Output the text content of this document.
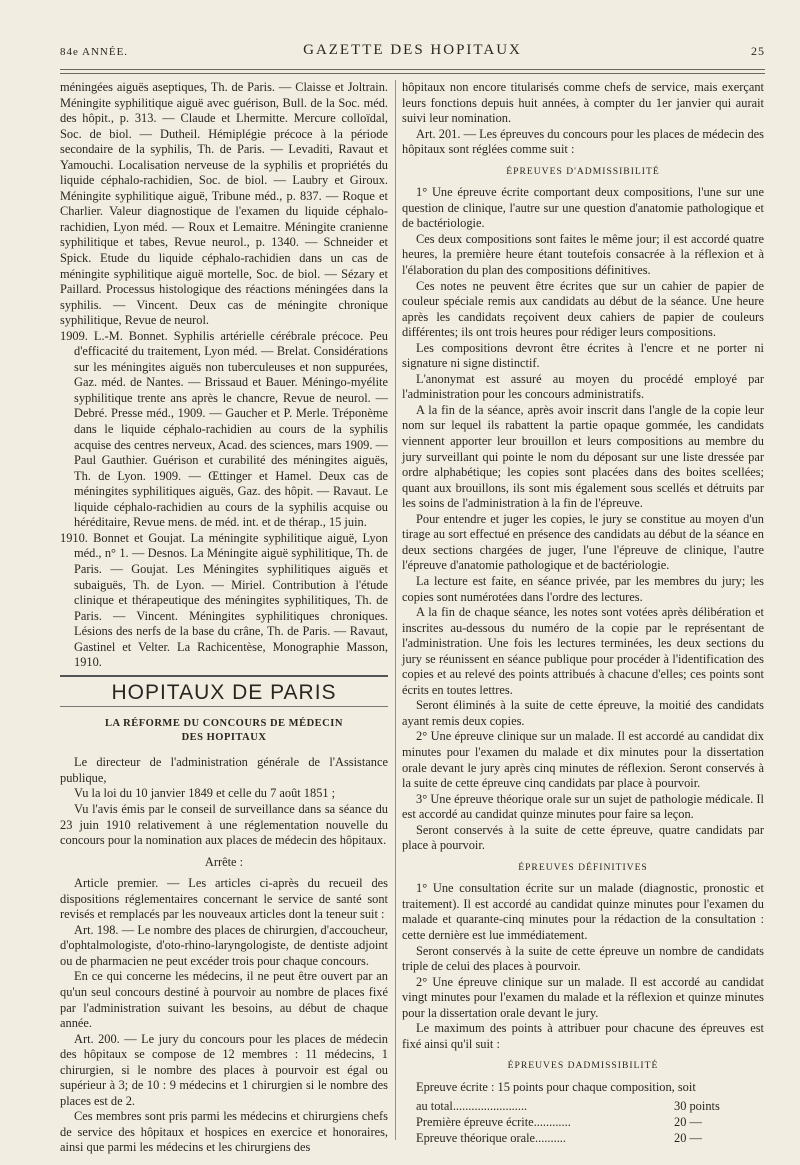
84e ANNÉE.	GAZETTE DES HOPITAUX	25

méningées aiguës aseptiques, Th. de Paris. — Claisse et Joltrain. Méningite syphilitique aiguë avec guérison, Bull. de la Soc. méd. des hôpit., p. 313. — Claude et Lhermitte. Mercure colloïdal, Soc. de biol. — Dutheil. Hémiplégie précoce à la période secondaire de la syphilis, Th. de Paris. — Levaditi, Ravaut et Yamouchi. Localisation nerveuse de la syphilis et propriétés du liquide céphalo-rachidien, Soc. de biol. — Laubry et Giroux. Méningite syphilitique aiguë, Tribune méd., p. 837. — Roque et Charlier. Valeur diagnostique de l'examen du liquide céphalo-rachidien, Lyon méd. — Roux et Lemaitre. Méningite cranienne syphilitique et tabes, Revue neurol., p. 1340. — Schneider et Spick. Etude du liquide céphalo-rachidien dans un cas de méningite syphilitique aiguë mortelle, Soc. de biol. — Sézary et Paillard. Processus histologique des réactions méningées dans la syphilis. — Vincent. Deux cas de méningite chronique syphilitique, Revue de neurol.

1909. L.-M. Bonnet. Syphilis artérielle cérébrale précoce. Peu d'efficacité du traitement, Lyon méd. — Brelat. Considérations sur les méningites aiguës non tuberculeuses et non suppurées, Gaz. méd. de Nantes. — Brissaud et Bauer. Méningo-myélite syphilitique trente ans après le chancre, Revue de neurol. — Debré. Presse méd., 1909. — Gaucher et P. Merle. Tréponème dans le liquide céphalo-rachidien au cours de la syphilis acquise des centres nerveux, Acad. des sciences, mars 1909. — Paul Gauthier. Guérison et curabilité des méningites aiguës, Th. de Lyon. 1909. — Œttinger et Hamel. Deux cas de méningites syphilitiques aiguës, Gaz. des hôpit. — Ravaut. Le liquide céphalo-rachidien au cours de la syphilis acquise ou héréditaire, Revue mens. de méd. int. et de thérap., 15 juin.

1910. Bonnet et Goujat. La méningite syphilitique aiguë, Lyon méd., n° 1. — Desnos. La Méningite aiguë syphilitique, Th. de Paris. — Goujat. Les Méningites syphilitiques aiguës et subaiguës, Th. de Lyon. — Miriel. Contribution à l'étude clinique et thérapeutique des méningites syphilitiques, Th. de Paris. — Vincent. Méningites syphilitiques chroniques. Lésions des nerfs de la base du crâne, Th. de Paris. — Ravaut, Gastinel et Velter. La Rachicentèse, Monographie Masson, 1910.

HOPITAUX DE PARIS
LA RÉFORME DU CONCOURS DE MÉDECIN
DES HOPITAUX

Le directeur de l'administration générale de l'Assistance publique,

Vu la loi du 10 janvier 1849 et celle du 7 août 1851 ;

Vu l'avis émis par le conseil de surveillance dans sa séance du 23 juin 1910 relativement à une réglementation nouvelle du concours pour la nomination aux places de médecin des hôpitaux.

Arrête :

Article premier. — Les articles ci-après du recueil des dispositions réglementaires concernant le service de santé sont revisés et remplacés par les nouveaux articles dont la teneur suit :

Art. 198. — Le nombre des places de chirurgien, d'accoucheur, d'ophtalmologiste, d'oto-rhino-laryngologiste, de dentiste adjoint ou de pharmacien ne peut excéder trois pour chaque concours.

En ce qui concerne les médecins, il ne peut être ouvert par an qu'un seul concours destiné à pourvoir au nombre de places fixé par l'administration suivant les besoins, au début de chaque année.

Art. 200. — Le jury du concours pour les places de médecin des hôpitaux se compose de 12 membres : 11 médecins, 1 chirurgien, si le nombre des places à pourvoir est égal ou supérieur à 3; de 10 : 9 médecins et 1 chirurgien si le nombre des places est de 2.

Ces membres sont pris parmi les médecins et chirurgiens chefs de service des hôpitaux et hospices en exercice et honoraires, ainsi que parmi les médecins et les chirurgiens des

hôpitaux non encore titularisés comme chefs de service, mais exerçant leurs fonctions depuis huit années, à compter du 1er janvier qui aurait suivi leur nomination.

Art. 201. — Les épreuves du concours pour les places de médecin des hôpitaux sont réglées comme suit :

ÉPREUVES D'ADMISSIBILITÉ

1° Une épreuve écrite comportant deux compositions, l'une sur une question de clinique, l'autre sur une question d'anatomie pathologique et de bactériologie.

Ces deux compositions sont faites le même jour; il est accordé quatre heures, la première heure étant toutefois consacrée à la réflexion et à l'élaboration du plan des compositions définitives.

Ces notes ne peuvent être écrites que sur un cahier de papier de couleur spéciale remis aux candidats au début de la séance. Une heure après les candidats reçoivent deux cahiers de papier de couleurs différentes; ils ont trois heures pour rédiger leurs compositions.

Les compositions devront être écrites à l'encre et ne porter ni signature ni signe distinctif.

L'anonymat est assuré au moyen du procédé employé par l'administration pour les concours administratifs.

A la fin de la séance, après avoir inscrit dans l'angle de la copie leur nom sur lequel ils rabattent la partie opaque gommée, les candidats viennent apporter leur brouillon et leurs compositions au membre du jury surveillant qui pointe le nom du déposant sur une liste dressée par ordre alphabétique; les copies sont placées dans des boites scellées; quant aux brouillons, ils sont mis également sous scellés et détruits par les soins de l'administration à la fin de l'épreuve.

Pour entendre et juger les copies, le jury se constitue au moyen d'un tirage au sort effectué en présence des candidats au début de la séance en deux sections chargées de juger, l'une l'épreuve de clinique, l'autre l'épreuve d'anatomie pathologique et de bactériologie.

La lecture est faite, en séance privée, par les membres du jury; les copies sont numérotées dans l'ordre des lectures.

A la fin de chaque séance, les notes sont votées après délibération et inscrites au-dessous du numéro de la copie par le représentant de l'administration. Une fois les lectures terminées, les deux sections du jury se réunissent en séance publique pour procéder à l'identification des copies et au relevé des points attribués à chacune d'elles; ces points sont écrits en toutes lettres.

Seront éliminés à la suite de cette épreuve, la moitié des candidats ayant remis deux copies.

2° Une épreuve clinique sur un malade. Il est accordé au candidat dix minutes pour l'examen du malade et dix minutes pour la dissertation orale devant le jury après cinq minutes de réflexion. Seront conservés à la suite de cette épreuve cinq candidats par place à pourvoir.

3° Une épreuve théorique orale sur un sujet de pathologie médicale. Il est accordé au candidat quinze minutes pour faire sa leçon.

Seront conservés à la suite de cette épreuve, quatre candidats par place à pourvoir.

ÉPREUVES DÉFINITIVES

1° Une consultation écrite sur un malade (diagnostic, pronostic et traitement). Il est accordé au candidat quinze minutes pour l'examen du malade et quarante-cinq minutes pour la rédaction de la consultation : cette dernière est lue immédiatement.

Seront conservés à la suite de cette épreuve un nombre de candidats triple de celui des places à pourvoir.

2° Une épreuve clinique sur un malade. Il est accordé au candidat vingt minutes pour l'examen du malade et la réflexion et quinze minutes pour la dissertation orale devant le jury.

Le maximum des points à attribuer pour chacune des épreuves est fixé ainsi qu'il suit :

ÉPREUVES DADMISSIBILITÉ

Epreuve écrite : 15 points pour chaque composition, soit

au total........................	30 points
Première épreuve écrite............	20 —
Epreuve théorique orale..........	20 —
